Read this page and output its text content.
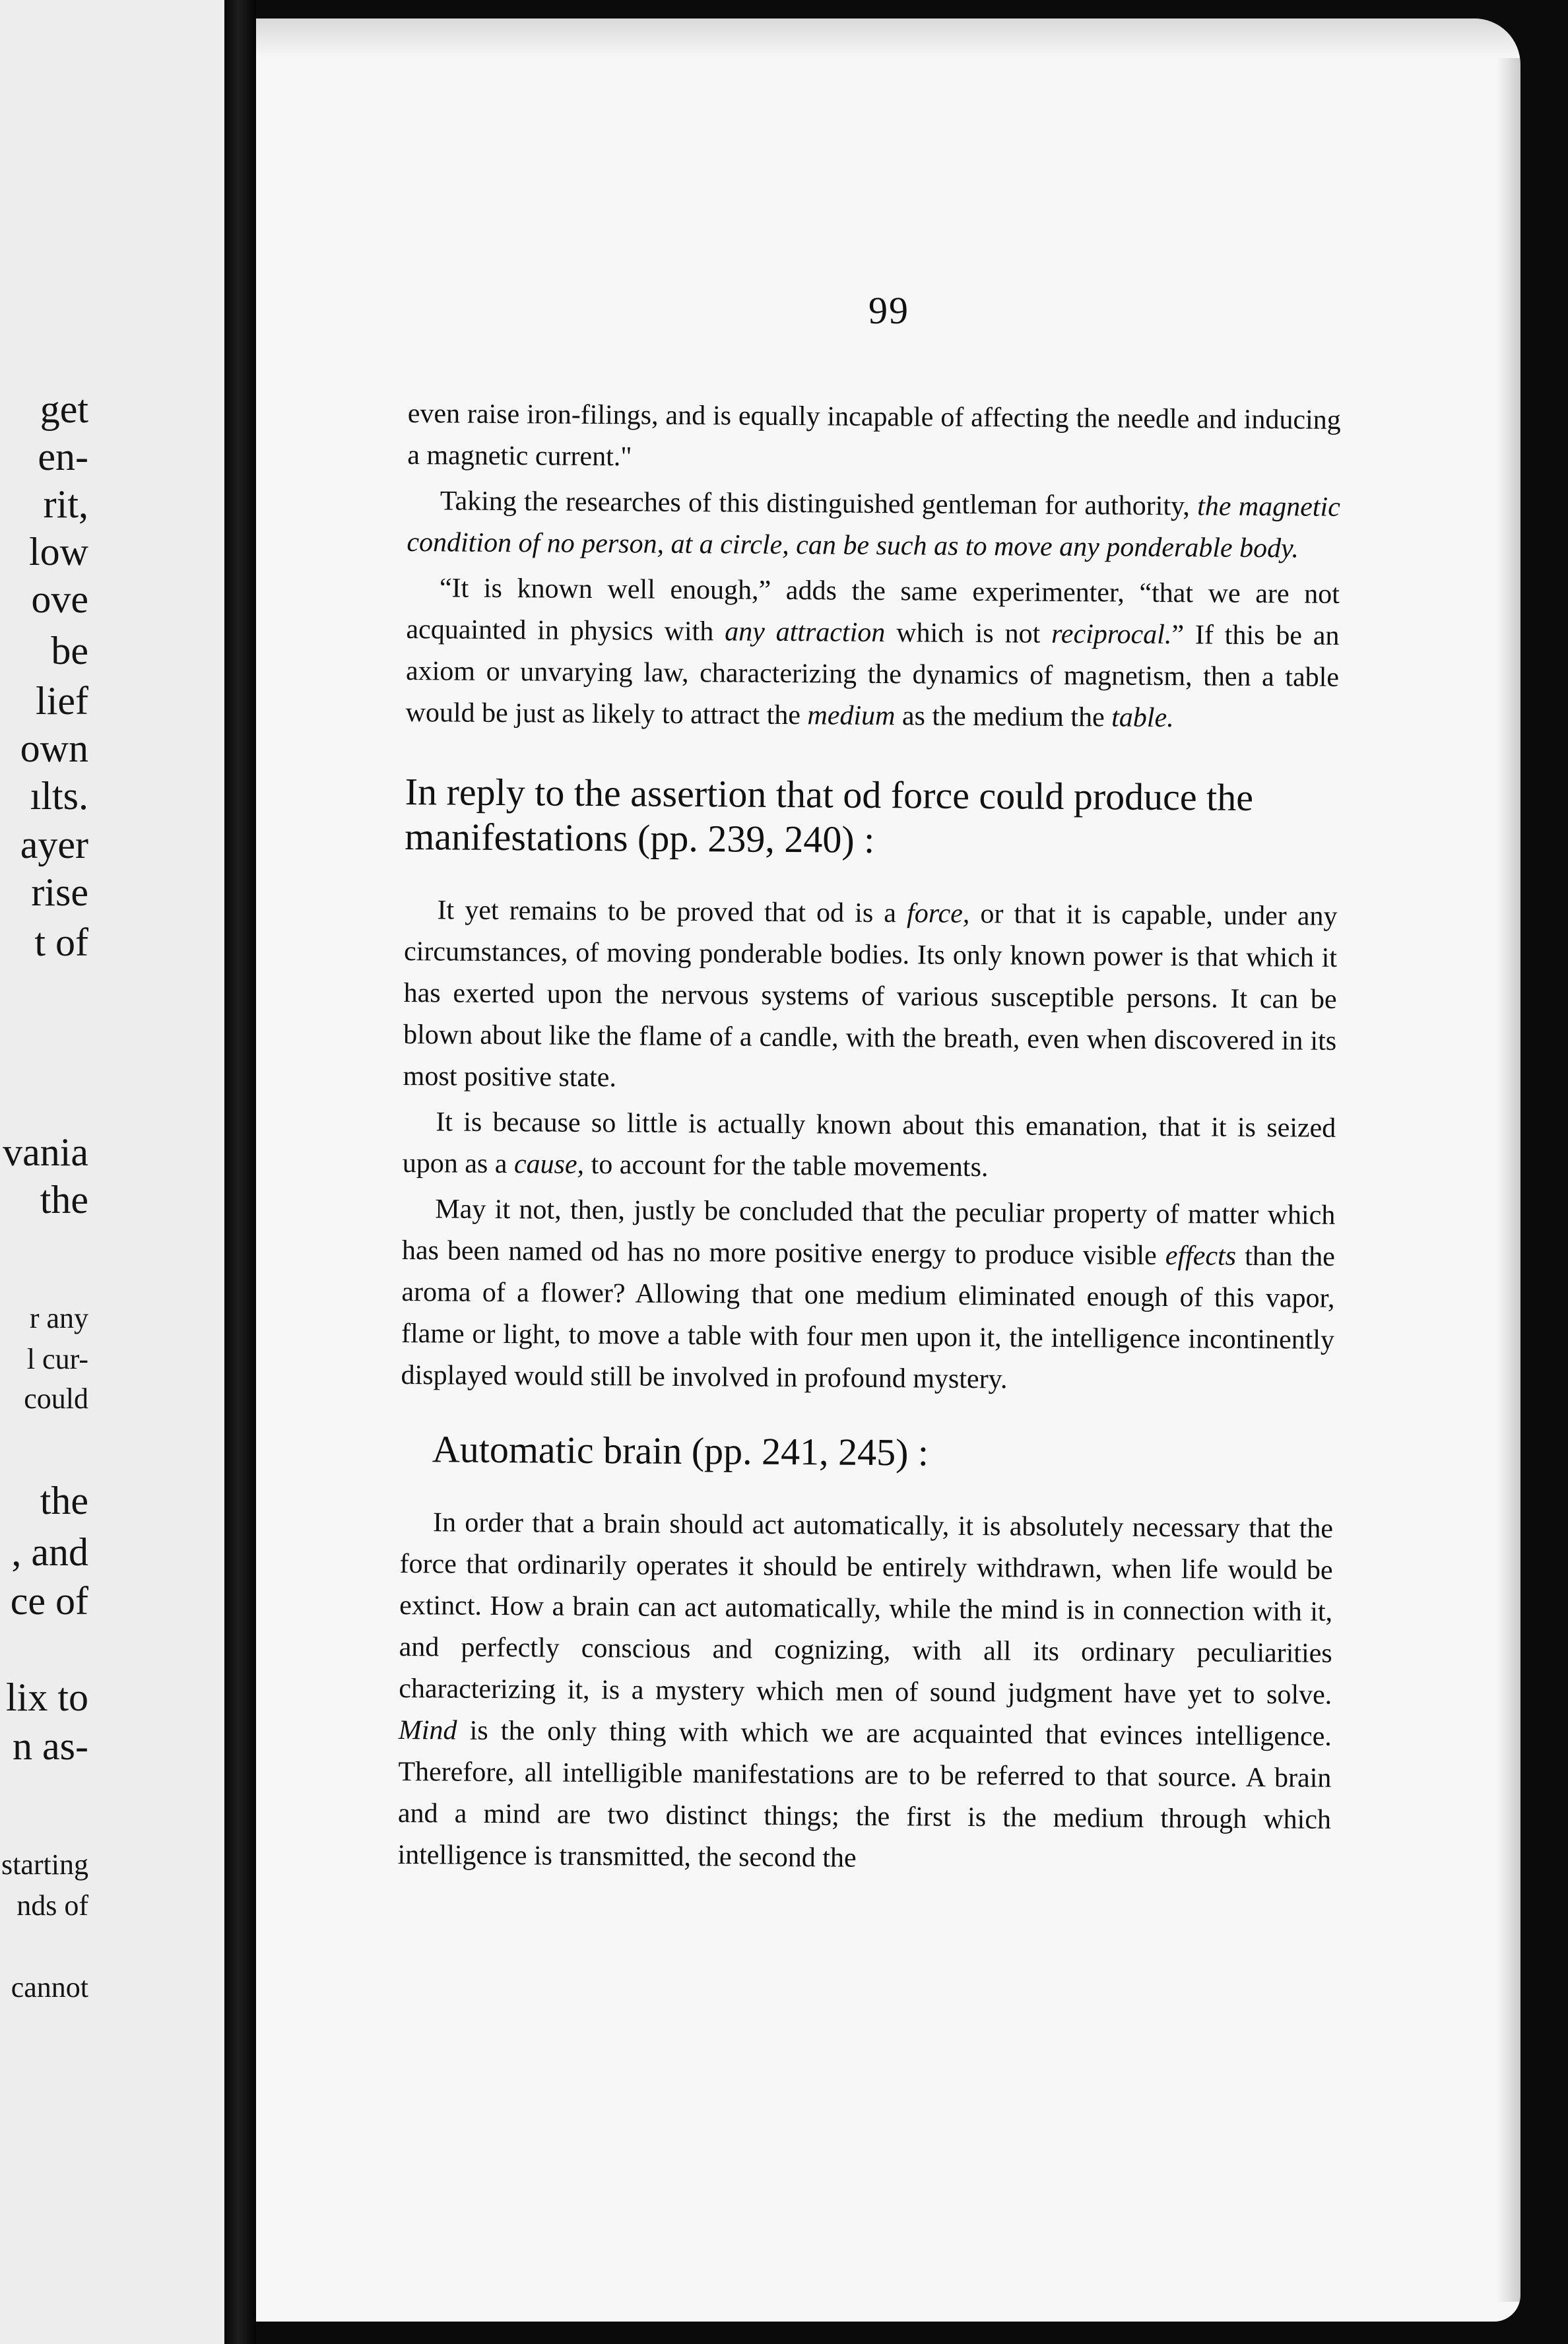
get
en-
rit,
low
ove
be
lief
own
ılts.
ayer
rise
t of
vania
the
r any
l cur-
could
the
, and
ce of
lix to
n as-
starting
nds of
cannot
99

even raise iron-filings, and is equally incapable of affecting the needle and inducing a magnetic current."

Taking the researches of this distinguished gentleman for authority, the magnetic condition of no person, at a circle, can be such as to move any ponderable body.

“It is known well enough,” adds the same experimenter, “that we are not acquainted in physics with any attraction which is not reciprocal.” If this be an axiom or unvarying law, characterizing the dynamics of magnetism, then a table would be just as likely to attract the medium as the medium the table.

In reply to the assertion that od force could produce the manifestations (pp. 239, 240) :

It yet remains to be proved that od is a force, or that it is capable, under any circumstances, of moving ponderable bodies. Its only known power is that which it has exerted upon the nervous systems of various susceptible persons. It can be blown about like the flame of a candle, with the breath, even when discovered in its most positive state.

It is because so little is actually known about this emanation, that it is seized upon as a cause, to account for the table movements.

May it not, then, justly be concluded that the peculiar property of matter which has been named od has no more positive energy to produce visible effects than the aroma of a flower? Allowing that one medium eliminated enough of this vapor, flame or light, to move a table with four men upon it, the intelligence incontinently displayed would still be involved in profound mystery.

Automatic brain (pp. 241, 245) :

In order that a brain should act automatically, it is absolutely necessary that the force that ordinarily operates it should be entirely withdrawn, when life would be extinct. How a brain can act automatically, while the mind is in connection with it, and perfectly conscious and cognizing, with all its ordinary peculiarities characterizing it, is a mystery which men of sound judgment have yet to solve. Mind is the only thing with which we are acquainted that evinces intelligence. Therefore, all intelligible manifestations are to be referred to that source. A brain and a mind are two distinct things; the first is the medium through which intelligence is transmitted, the second the
